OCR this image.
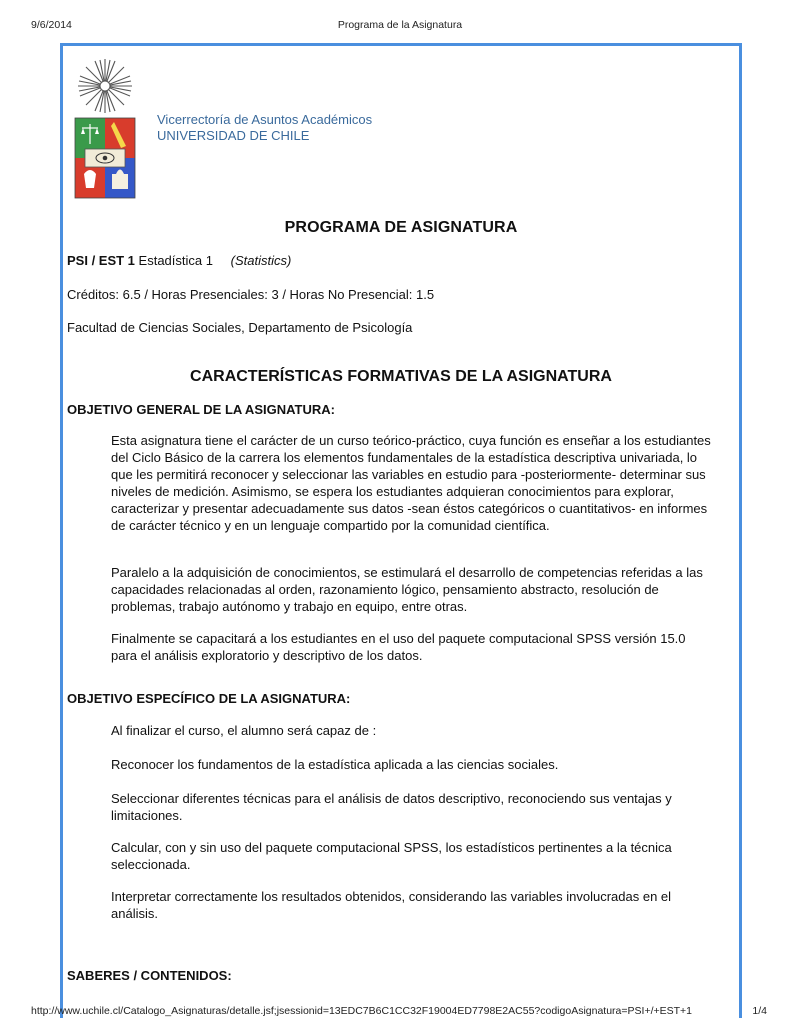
9/6/2014	Programa de la Asignatura
Vicerrectoría de Asuntos Académicos
UNIVERSIDAD DE CHILE
PROGRAMA DE ASIGNATURA
PSI / EST 1 Estadística 1 (Statistics)
Créditos: 6.5 / Horas Presenciales: 3 / Horas No Presencial: 1.5
Facultad de Ciencias Sociales, Departamento de Psicología
CARACTERÍSTICAS FORMATIVAS DE LA ASIGNATURA
OBJETIVO GENERAL DE LA ASIGNATURA:
Esta asignatura tiene el carácter de un curso teórico-práctico, cuya función es enseñar a los estudiantes del Ciclo Básico de la carrera los elementos fundamentales de la estadística descriptiva univariada, lo que les permitirá reconocer y seleccionar las variables en estudio para -posteriormente- determinar sus niveles de medición. Asimismo, se espera los estudiantes adquieran conocimientos para explorar, caracterizar y presentar adecuadamente sus datos -sean éstos categóricos o cuantitativos- en informes de carácter técnico y en un lenguaje compartido por la comunidad científica.
Paralelo a la adquisición de conocimientos, se estimulará el desarrollo de competencias referidas a las capacidades relacionadas al orden, razonamiento lógico, pensamiento abstracto, resolución de problemas, trabajo autónomo y trabajo en equipo, entre otras.
Finalmente se capacitará a los estudiantes en el uso del paquete computacional SPSS versión 15.0 para el análisis exploratorio y descriptivo de los datos.
OBJETIVO ESPECÍFICO DE LA ASIGNATURA:
Al finalizar el curso, el alumno será capaz de :
Reconocer los fundamentos de la estadística aplicada a las ciencias sociales.
Seleccionar diferentes técnicas para el análisis de datos descriptivo, reconociendo sus ventajas y limitaciones.
Calcular, con y sin uso del paquete computacional SPSS, los estadísticos pertinentes a la técnica seleccionada.
Interpretar correctamente los resultados obtenidos, considerando las variables involucradas en el análisis.
SABERES / CONTENIDOS:
http://www.uchile.cl/Catalogo_Asignaturas/detalle.jsf;jsessionid=13EDC7B6C1CC32F19004ED7798E2AC55?codigoAsignatura=PSI+/+EST+1	1/4
